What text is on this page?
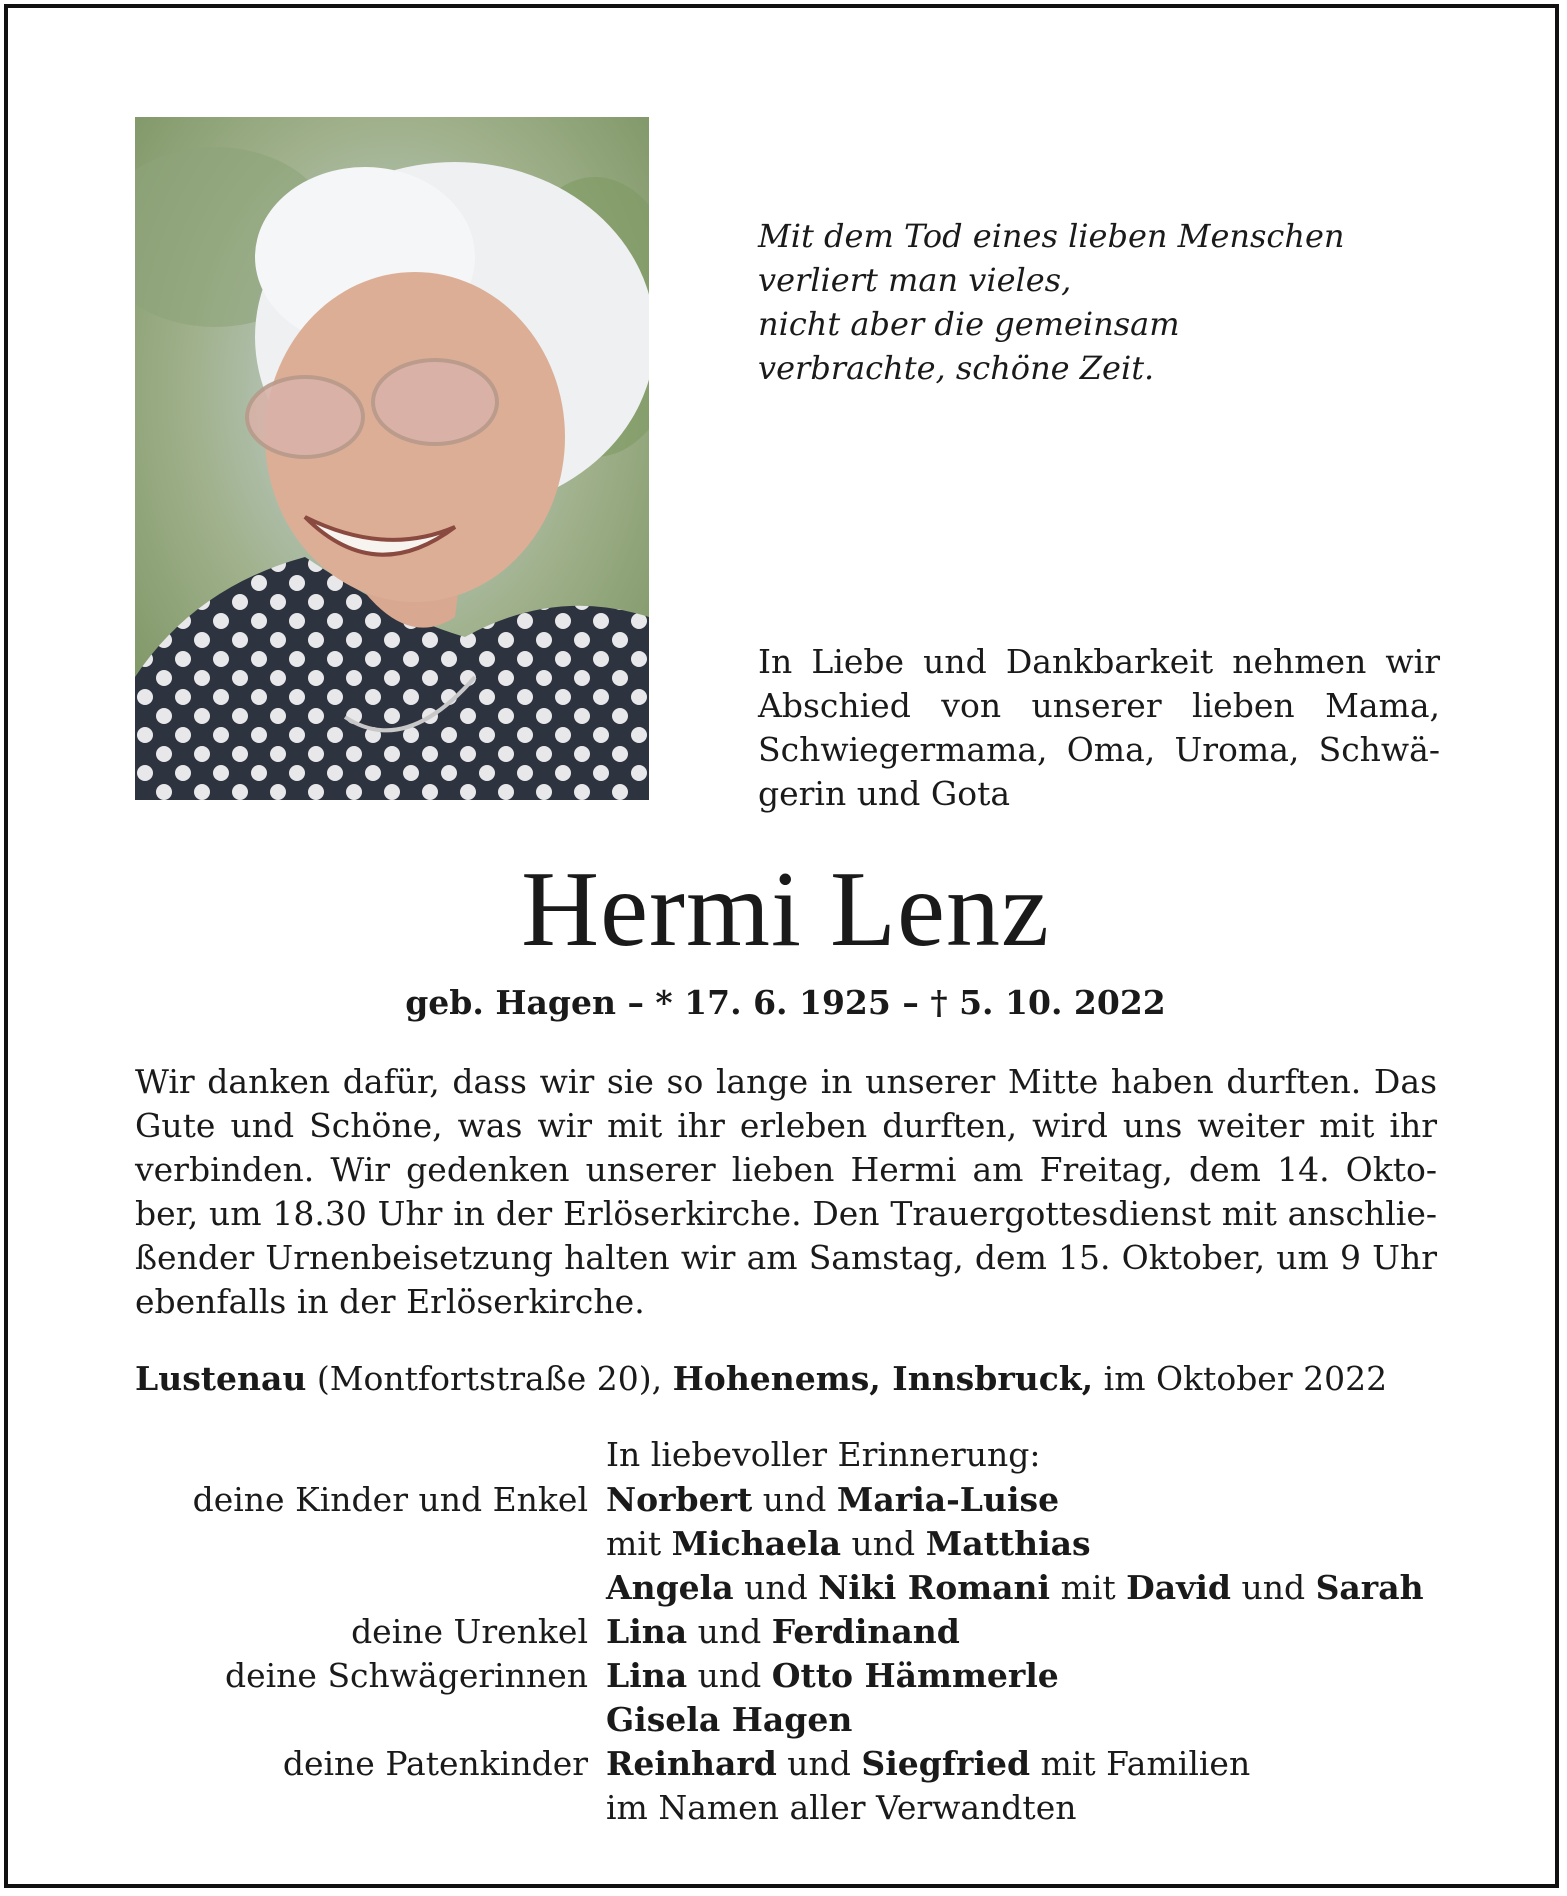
Mit dem Tod eines lieben Menschen
verliert man vieles,
nicht aber die gemeinsam
verbrachte, schöne Zeit.
In Liebe und Dankbarkeit nehmen wir
Abschied von unserer lieben Mama,
Schwiegermama, Oma, Uroma, Schwä-
gerin und Gota
Hermi Lenz
geb. Hagen – * 17. 6. 1925 – † 5. 10. 2022
Wir danken dafür, dass wir sie so lange in unserer Mitte haben durften. Das
Gute und Schöne, was wir mit ihr erleben durften, wird uns weiter mit ihr
verbinden. Wir gedenken unserer lieben Hermi am Freitag, dem 14. Okto-
ber, um 18.30 Uhr in der Erlöserkirche. Den Trauergottesdienst mit anschlie-
ßender Urnenbeisetzung halten wir am Samstag, dem 15. Oktober, um 9 Uhr
ebenfalls in der Erlöserkirche.
Lustenau (Montfortstraße 20), Hohenems, Innsbruck, im Oktober 2022
In liebevoller Erinnerung:
deine Kinder und Enkel Norbert und Maria-Luise
mit Michaela und Matthias
Angela und Niki Romani mit David und Sarah
deine Urenkel Lina und Ferdinand
deine Schwägerinnen Lina und Otto Hämmerle
Gisela Hagen
deine Patenkinder Reinhard und Siegfried mit Familien
im Namen aller Verwandten
